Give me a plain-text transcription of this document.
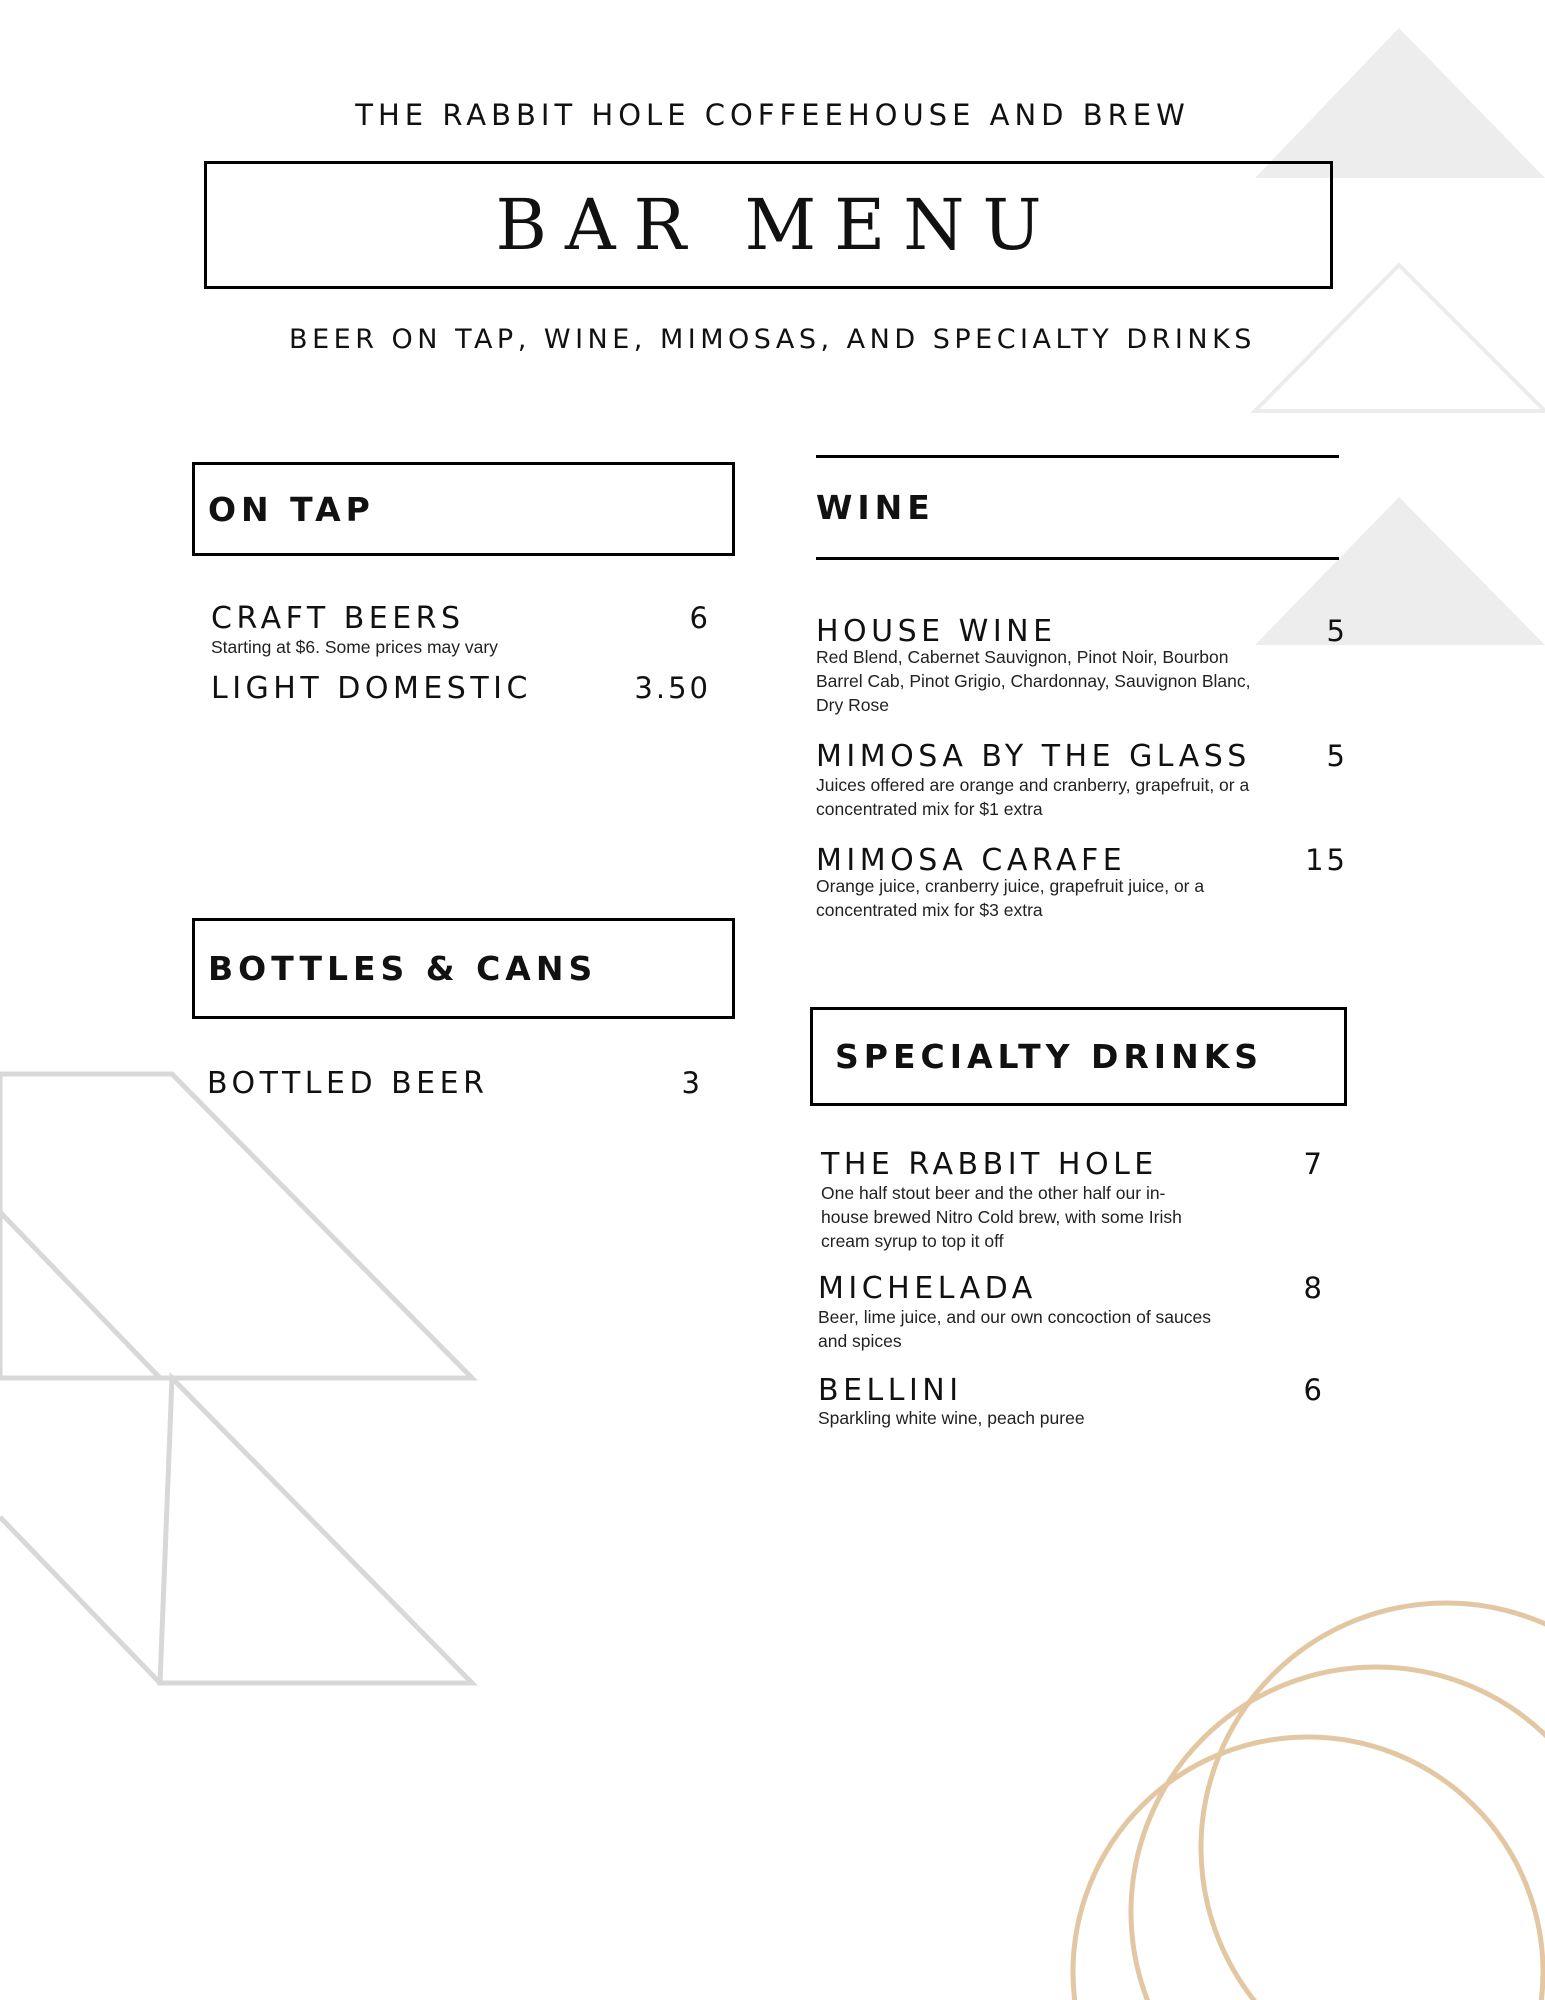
THE RABBIT HOLE COFFEEHOUSE AND BREW
BAR MENU
BEER ON TAP, WINE, MIMOSAS, AND SPECIALTY DRINKS
ON TAP
CRAFT BEERS	6
Starting at $6. Some prices may vary
LIGHT DOMESTIC	3.50
BOTTLES & CANS
BOTTLED BEER	3
WINE
HOUSE WINE	5
Red Blend, Cabernet Sauvignon, Pinot Noir, Bourbon
Barrel Cab, Pinot Grigio, Chardonnay, Sauvignon Blanc,
Dry Rose
MIMOSA BY THE GLASS	5
Juices offered are orange and cranberry, grapefruit, or a
concentrated mix for $1 extra
MIMOSA CARAFE	15
Orange juice, cranberry juice, grapefruit juice, or a
concentrated mix for $3 extra
SPECIALTY DRINKS
THE RABBIT HOLE	7
One half stout beer and the other half our in-
house brewed Nitro Cold brew, with some Irish
cream syrup to top it off
MICHELADA	8
Beer, lime juice, and our own concoction of sauces
and spices
BELLINI	6
Sparkling white wine, peach puree
